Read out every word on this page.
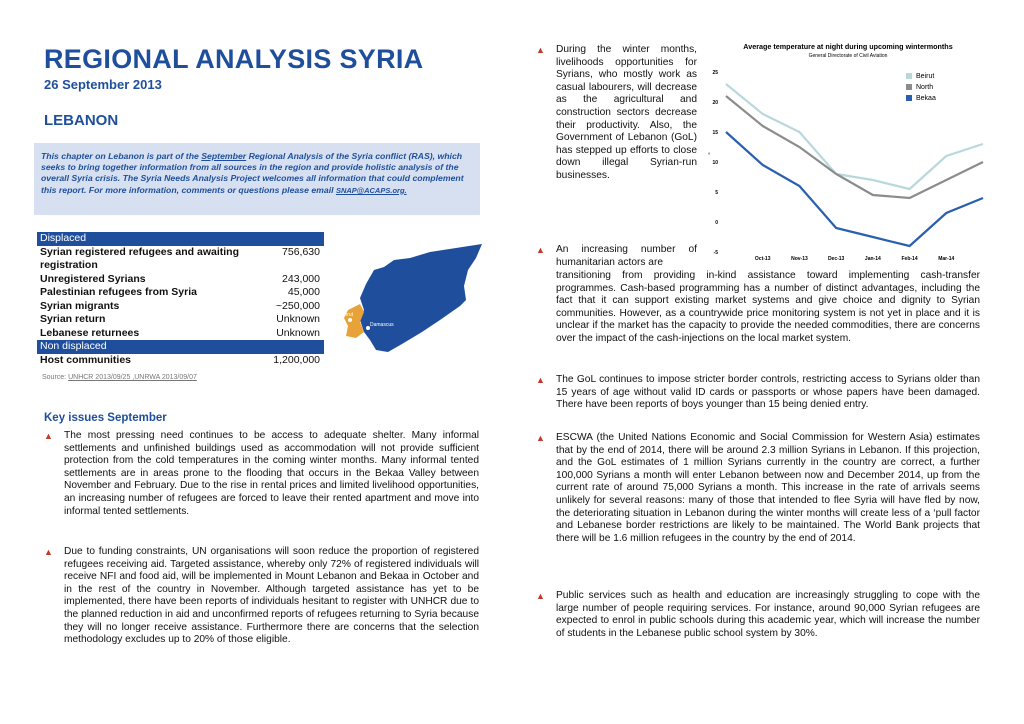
REGIONAL ANALYSIS SYRIA
26 September 2013
LEBANON
This chapter on Lebanon is part of the September Regional Analysis of the Syria conflict (RAS), which seeks to bring together information from all sources in the region and provide holistic analysis of the overall Syria crisis. The Syria Needs Analysis Project welcomes all information that could complement this report. For more information, comments or questions please email SNAP@ACAPS.org.
Displaced	
Syrian registered refugees and awaiting registration	756,630
Unregistered Syrians	243,000
Palestinian refugees from Syria	45,000
Syrian migrants	~250,000
Syrian return	Unknown
Lebanese returnees	Unknown
Non displaced	
Host communities	1,200,000
Source: UNHCR 2013/09/25 ,UNRWA 2013/09/07
Beirut
Damascus
Key issues September
▲ The most pressing need continues to be access to adequate shelter. Many informal settlements and unfinished buildings used as accommodation will not provide sufficient protection from the cold temperatures in the coming winter months. Many informal tented settlements are in areas prone to the flooding that occurs in the Bekaa Valley between November and February. Due to the rise in rental prices and limited livelihood opportunities, an increasing number of refugees are forced to leave their rented apartment and move into informal tented settlements.
▲ Due to funding constraints, UN organisations will soon reduce the proportion of registered refugees receiving aid. Targeted assistance, whereby only 72% of registered individuals will receive NFI and food aid, will be implemented in Mount Lebanon and Bekaa in October and in the rest of the country in November. Although targeted assistance has yet to be implemented, there have been reports of individuals hesitant to register with UNHCR due to the planned reduction in aid and unconfirmed reports of refugees returning to Syria because they will no longer receive assistance. Furthermore there are concerns that the selection methodology excludes up to 20% of those eligible.
▲ During the winter months, livelihoods opportunities for Syrians, who mostly work as casual labourers, will decrease as the agricultural and construction sectors decrease their productivity. Also, the Government of Lebanon (GoL) has stepped up efforts to close down illegal Syrian-run businesses.
Average temperature at night during upcoming wintermonths
General Directorate of Civil Aviation
°
-5
0
5
10
15
20
25
Oct-13	Nov-13	Dec-13	Jan-14	Feb-14	Mar-14
Beirut
North
Bekaa
▲ An increasing number of humanitarian actors are
transitioning from providing in-kind assistance toward implementing cash-transfer programmes. Cash-based programming has a number of distinct advantages, including the fact that it can support existing market systems and give choice and dignity to Syrian communities. However, as a countrywide price monitoring system is not yet in place and it is unclear if the market has the capacity to provide the needed commodities, there are concerns over the impact of the cash-injections on the local market system.
▲ The GoL continues to impose stricter border controls, restricting access to Syrians older than 15 years of age without valid ID cards or passports or whose papers have been damaged. There have been reports of boys younger than 15 being denied entry.
▲ ESCWA (the United Nations Economic and Social Commission for Western Asia) estimates that by the end of 2014, there will be around 2.3 million Syrians in Lebanon. If this projection, and the GoL estimates of 1 million Syrians currently in the country are correct, a further 100,000 Syrians a month will enter Lebanon between now and December 2014, up from the current rate of around 75,000 Syrians a month. This increase in the rate of arrivals seems unlikely for several reasons: many of those that intended to flee Syria will have fled by now, the deteriorating situation in Lebanon during the winter months will create less of a ‘pull factor and Lebanese border restrictions are likely to be maintained. The World Bank projects that there will be 1.6 million refugees in the country by the end of 2014.
▲ Public services such as health and education are increasingly struggling to cope with the large number of people requiring services. For instance, around 90,000 Syrian refugees are expected to enrol in public schools during this academic year, which will increase the number of students in the Lebanese public school system by 30%.
